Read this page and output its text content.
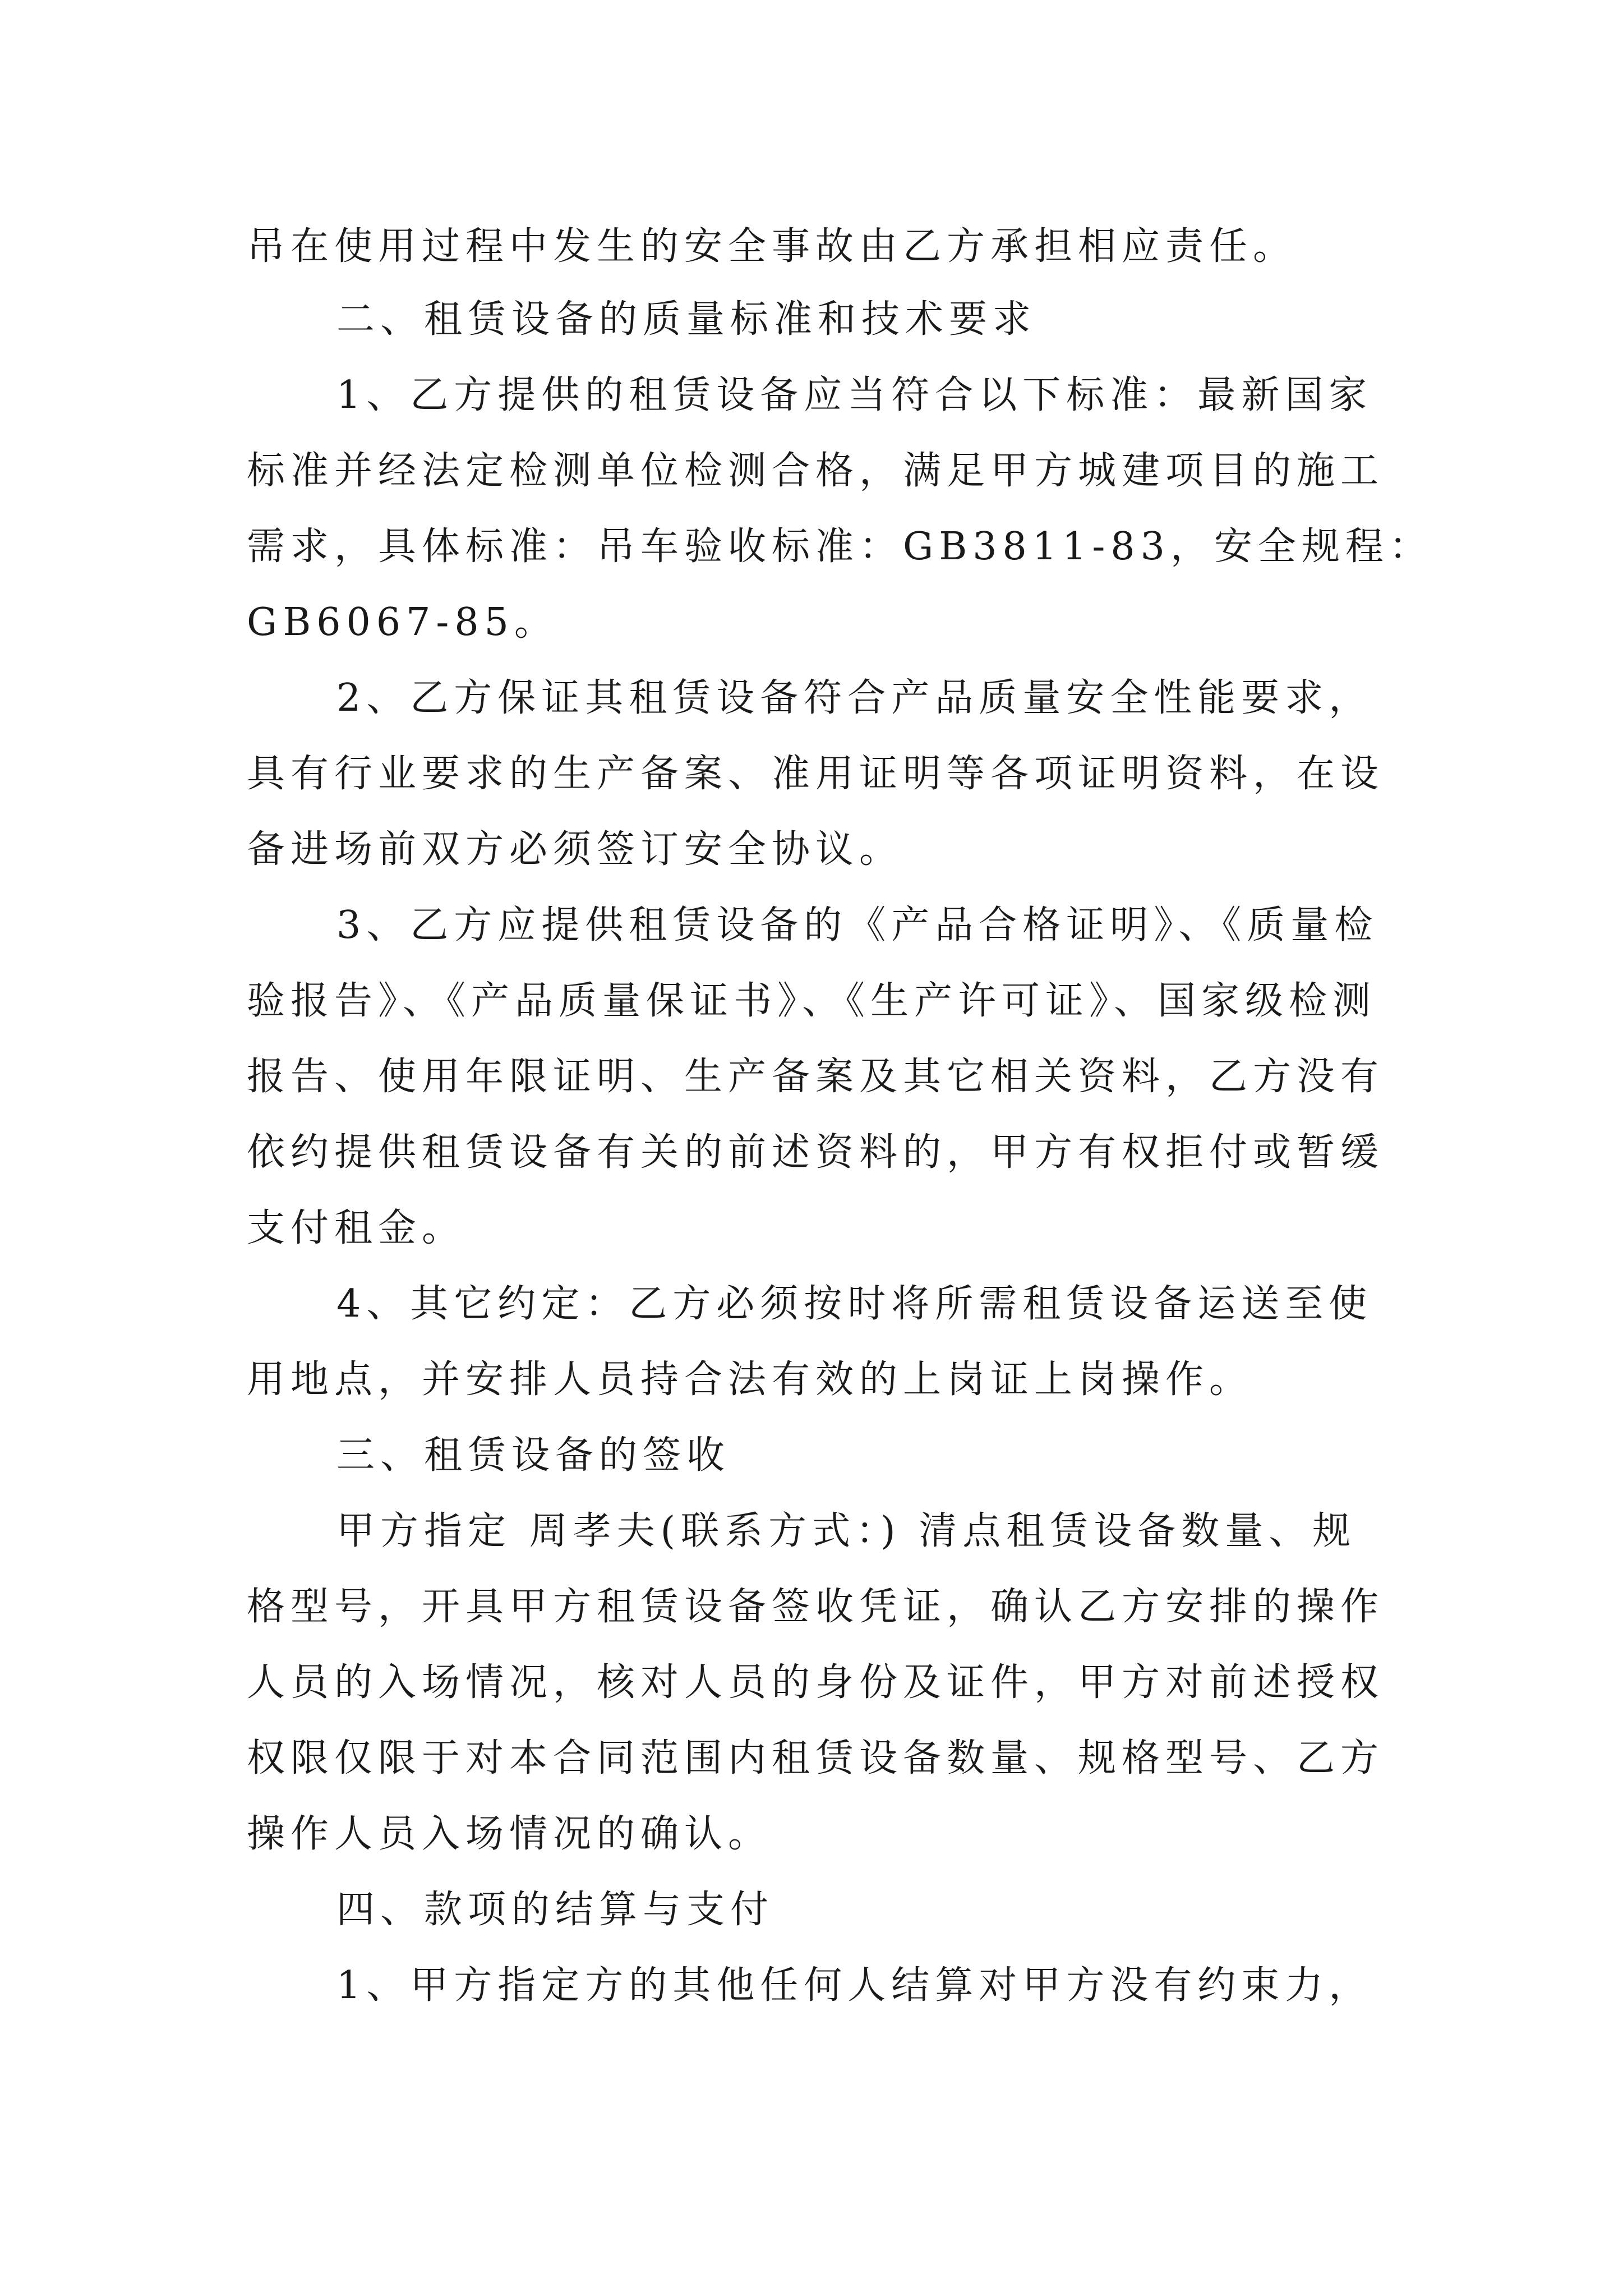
吊在使用过程中发生的安全事故由乙方承担相应责任。

二、租赁设备的质量标准和技术要求

1、乙方提供的租赁设备应当符合以下标准：最新国家

标准并经法定检测单位检测合格，满足甲方城建项目的施工

需求，具体标准：吊车验收标准：GB3811-83，安全规程：

GB6067-85。

2、乙方保证其租赁设备符合产品质量安全性能要求，

具有行业要求的生产备案、准用证明等各项证明资料，在设

备进场前双方必须签订安全协议。

3、乙方应提供租赁设备的《产品合格证明》、《质量检

验报告》、《产品质量保证书》、《生产许可证》、国家级检测

报告、使用年限证明、生产备案及其它相关资料，乙方没有

依约提供租赁设备有关的前述资料的，甲方有权拒付或暂缓

支付租金。

4、其它约定：乙方必须按时将所需租赁设备运送至使

用地点，并安排人员持合法有效的上岗证上岗操作。

三、租赁设备的签收

甲方指定 周孝夫(联系方式：) 清点租赁设备数量、规

格型号，开具甲方租赁设备签收凭证，确认乙方安排的操作

人员的入场情况，核对人员的身份及证件，甲方对前述授权

权限仅限于对本合同范围内租赁设备数量、规格型号、乙方

操作人员入场情况的确认。

四、款项的结算与支付

1、甲方指定方的其他任何人结算对甲方没有约束力，
